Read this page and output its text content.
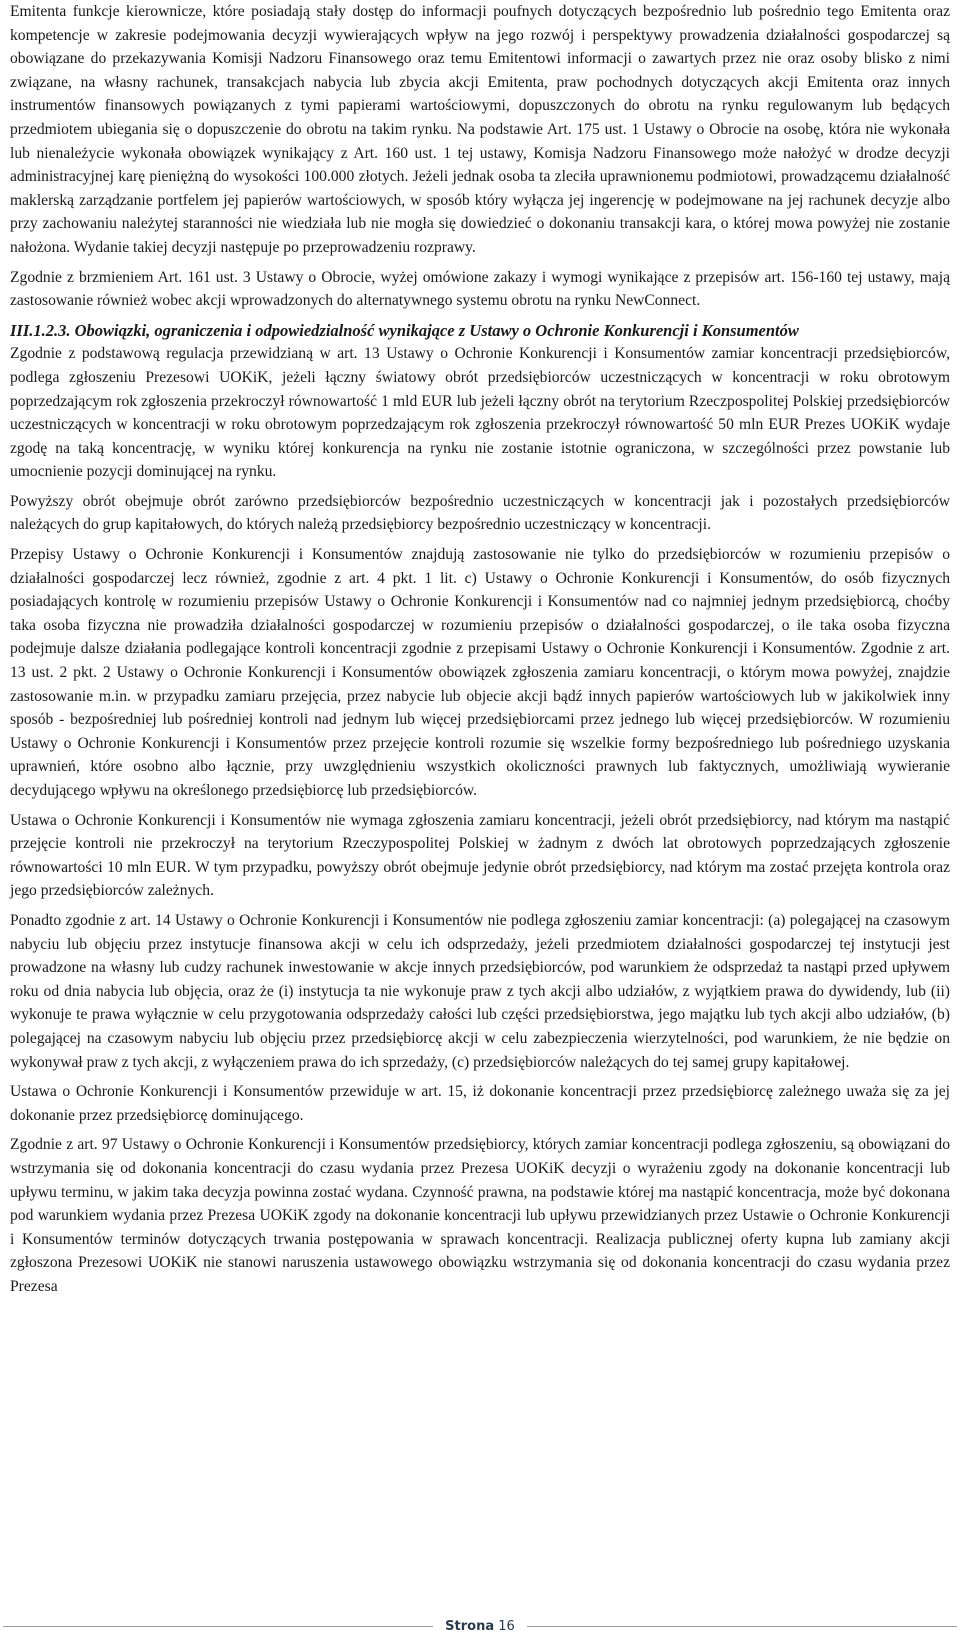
Emitenta funkcje kierownicze, które posiadają stały dostęp do informacji poufnych dotyczących bezpośrednio lub pośrednio tego Emitenta oraz kompetencje w zakresie podejmowania decyzji wywierających wpływ na jego rozwój i perspektywy prowadzenia działalności gospodarczej są obowiązane do przekazywania Komisji Nadzoru Finansowego oraz temu Emitentowi informacji o zawartych przez nie oraz osoby blisko z nimi związane, na własny rachunek, transakcjach nabycia lub zbycia akcji Emitenta, praw pochodnych dotyczących akcji Emitenta oraz innych instrumentów finansowych powiązanych z tymi papierami wartościowymi, dopuszczonych do obrotu na rynku regulowanym lub będących przedmiotem ubiegania się o dopuszczenie do obrotu na takim rynku. Na podstawie Art. 175 ust. 1 Ustawy o Obrocie na osobę, która nie wykonała lub nienależycie wykonała obowiązek wynikający z Art. 160 ust. 1 tej ustawy, Komisja Nadzoru Finansowego może nałożyć w drodze decyzji administracyjnej karę pieniężną do wysokości 100.000 złotych. Jeżeli jednak osoba ta zleciła uprawnionemu podmiotowi, prowadzącemu działalność maklerską zarządzanie portfelem jej papierów wartościowych, w sposób który wyłącza jej ingerencję w podejmowane na jej rachunek decyzje albo przy zachowaniu należytej staranności nie wiedziała lub nie mogła się dowiedzieć o dokonaniu transakcji kara, o której mowa powyżej nie zostanie nałożona. Wydanie takiej decyzji następuje po przeprowadzeniu rozprawy.

Zgodnie z brzmieniem Art. 161 ust. 3 Ustawy o Obrocie, wyżej omówione zakazy i wymogi wynikające z przepisów art. 156-160 tej ustawy, mają zastosowanie również wobec akcji wprowadzonych do alternatywnego systemu obrotu na rynku NewConnect.

III.1.2.3. Obowiązki, ograniczenia i odpowiedzialność wynikające z Ustawy o Ochronie Konkurencji i Konsumentów

Zgodnie z podstawową regulacja przewidzianą w art. 13 Ustawy o Ochronie Konkurencji i Konsumentów zamiar koncentracji przedsiębiorców, podlega zgłoszeniu Prezesowi UOKiK, jeżeli łączny światowy obrót przedsiębiorców uczestniczących w koncentracji w roku obrotowym poprzedzającym rok zgłoszenia przekroczył równowartość 1 mld EUR lub jeżeli łączny obrót na terytorium Rzeczpospolitej Polskiej przedsiębiorców uczestniczących w koncentracji w roku obrotowym poprzedzającym rok zgłoszenia przekroczył równowartość 50 mln EUR Prezes UOKiK wydaje zgodę na taką koncentrację, w wyniku której konkurencja na rynku nie zostanie istotnie ograniczona, w szczególności przez powstanie lub umocnienie pozycji dominującej na rynku.

Powyższy obrót obejmuje obrót zarówno przedsiębiorców bezpośrednio uczestniczących w koncentracji jak i pozostałych przedsiębiorców należących do grup kapitałowych, do których należą przedsiębiorcy bezpośrednio uczestniczący w koncentracji.

Przepisy Ustawy o Ochronie Konkurencji i Konsumentów znajdują zastosowanie nie tylko do przedsiębiorców w rozumieniu przepisów o działalności gospodarczej lecz również, zgodnie z art. 4 pkt. 1 lit. c) Ustawy o Ochronie Konkurencji i Konsumentów, do osób fizycznych posiadających kontrolę w rozumieniu przepisów Ustawy o Ochronie Konkurencji i Konsumentów nad co najmniej jednym przedsiębiorcą, choćby taka osoba fizyczna nie prowadziła działalności gospodarczej w rozumieniu przepisów o działalności gospodarczej, o ile taka osoba fizyczna podejmuje dalsze działania podlegające kontroli koncentracji zgodnie z przepisami Ustawy o Ochronie Konkurencji i Konsumentów. Zgodnie z art. 13 ust. 2 pkt. 2 Ustawy o Ochronie Konkurencji i Konsumentów obowiązek zgłoszenia zamiaru koncentracji, o którym mowa powyżej, znajdzie zastosowanie m.in. w przypadku zamiaru przejęcia, przez nabycie lub objecie akcji bądź innych papierów wartościowych lub w jakikolwiek inny sposób - bezpośredniej lub pośredniej kontroli nad jednym lub więcej przedsiębiorcami przez jednego lub więcej przedsiębiorców. W rozumieniu Ustawy o Ochronie Konkurencji i Konsumentów przez przejęcie kontroli rozumie się wszelkie formy bezpośredniego lub pośredniego uzyskania uprawnień, które osobno albo łącznie, przy uwzględnieniu wszystkich okoliczności prawnych lub faktycznych, umożliwiają wywieranie decydującego wpływu na określonego przedsiębiorcę lub przedsiębiorców.

Ustawa o Ochronie Konkurencji i Konsumentów nie wymaga zgłoszenia zamiaru koncentracji, jeżeli obrót przedsiębiorcy, nad którym ma nastąpić przejęcie kontroli nie przekroczył na terytorium Rzeczypospolitej Polskiej w żadnym z dwóch lat obrotowych poprzedzających zgłoszenie równowartości 10 mln EUR. W tym przypadku, powyższy obrót obejmuje jedynie obrót przedsiębiorcy, nad którym ma zostać przejęta kontrola oraz jego przedsiębiorców zależnych.

Ponadto zgodnie z art. 14 Ustawy o Ochronie Konkurencji i Konsumentów nie podlega zgłoszeniu zamiar koncentracji: (a) polegającej na czasowym nabyciu lub objęciu przez instytucje finansowa akcji w celu ich odsprzedaży, jeżeli przedmiotem działalności gospodarczej tej instytucji jest prowadzone na własny lub cudzy rachunek inwestowanie w akcje innych przedsiębiorców, pod warunkiem że odsprzedaż ta nastąpi przed upływem roku od dnia nabycia lub objęcia, oraz że (i) instytucja ta nie wykonuje praw z tych akcji albo udziałów, z wyjątkiem prawa do dywidendy, lub (ii) wykonuje te prawa wyłącznie w celu przygotowania odsprzedaży całości lub części przedsiębiorstwa, jego majątku lub tych akcji albo udziałów, (b) polegającej na czasowym nabyciu lub objęciu przez przedsiębiorcę akcji w celu zabezpieczenia wierzytelności, pod warunkiem, że nie będzie on wykonywał praw z tych akcji, z wyłączeniem prawa do ich sprzedaży, (c) przedsiębiorców należących do tej samej grupy kapitałowej.

Ustawa o Ochronie Konkurencji i Konsumentów przewiduje w art. 15, iż dokonanie koncentracji przez przedsiębiorcę zależnego uważa się za jej dokonanie przez przedsiębiorcę dominującego.

Zgodnie z art. 97 Ustawy o Ochronie Konkurencji i Konsumentów przedsiębiorcy, których zamiar koncentracji podlega zgłoszeniu, są obowiązani do wstrzymania się od dokonania koncentracji do czasu wydania przez Prezesa UOKiK decyzji o wyrażeniu zgody na dokonanie koncentracji lub upływu terminu, w jakim taka decyzja powinna zostać wydana. Czynność prawna, na podstawie której ma nastąpić koncentracja, może być dokonana pod warunkiem wydania przez Prezesa UOKiK zgody na dokonanie koncentracji lub upływu przewidzianych przez Ustawie o Ochronie Konkurencji i Konsumentów terminów dotyczących trwania postępowania w sprawach koncentracji. Realizacja publicznej oferty kupna lub zamiany akcji zgłoszona Prezesowi UOKiK nie stanowi naruszenia ustawowego obowiązku wstrzymania się od dokonania koncentracji do czasu wydania przez Prezesa

Strona 16
